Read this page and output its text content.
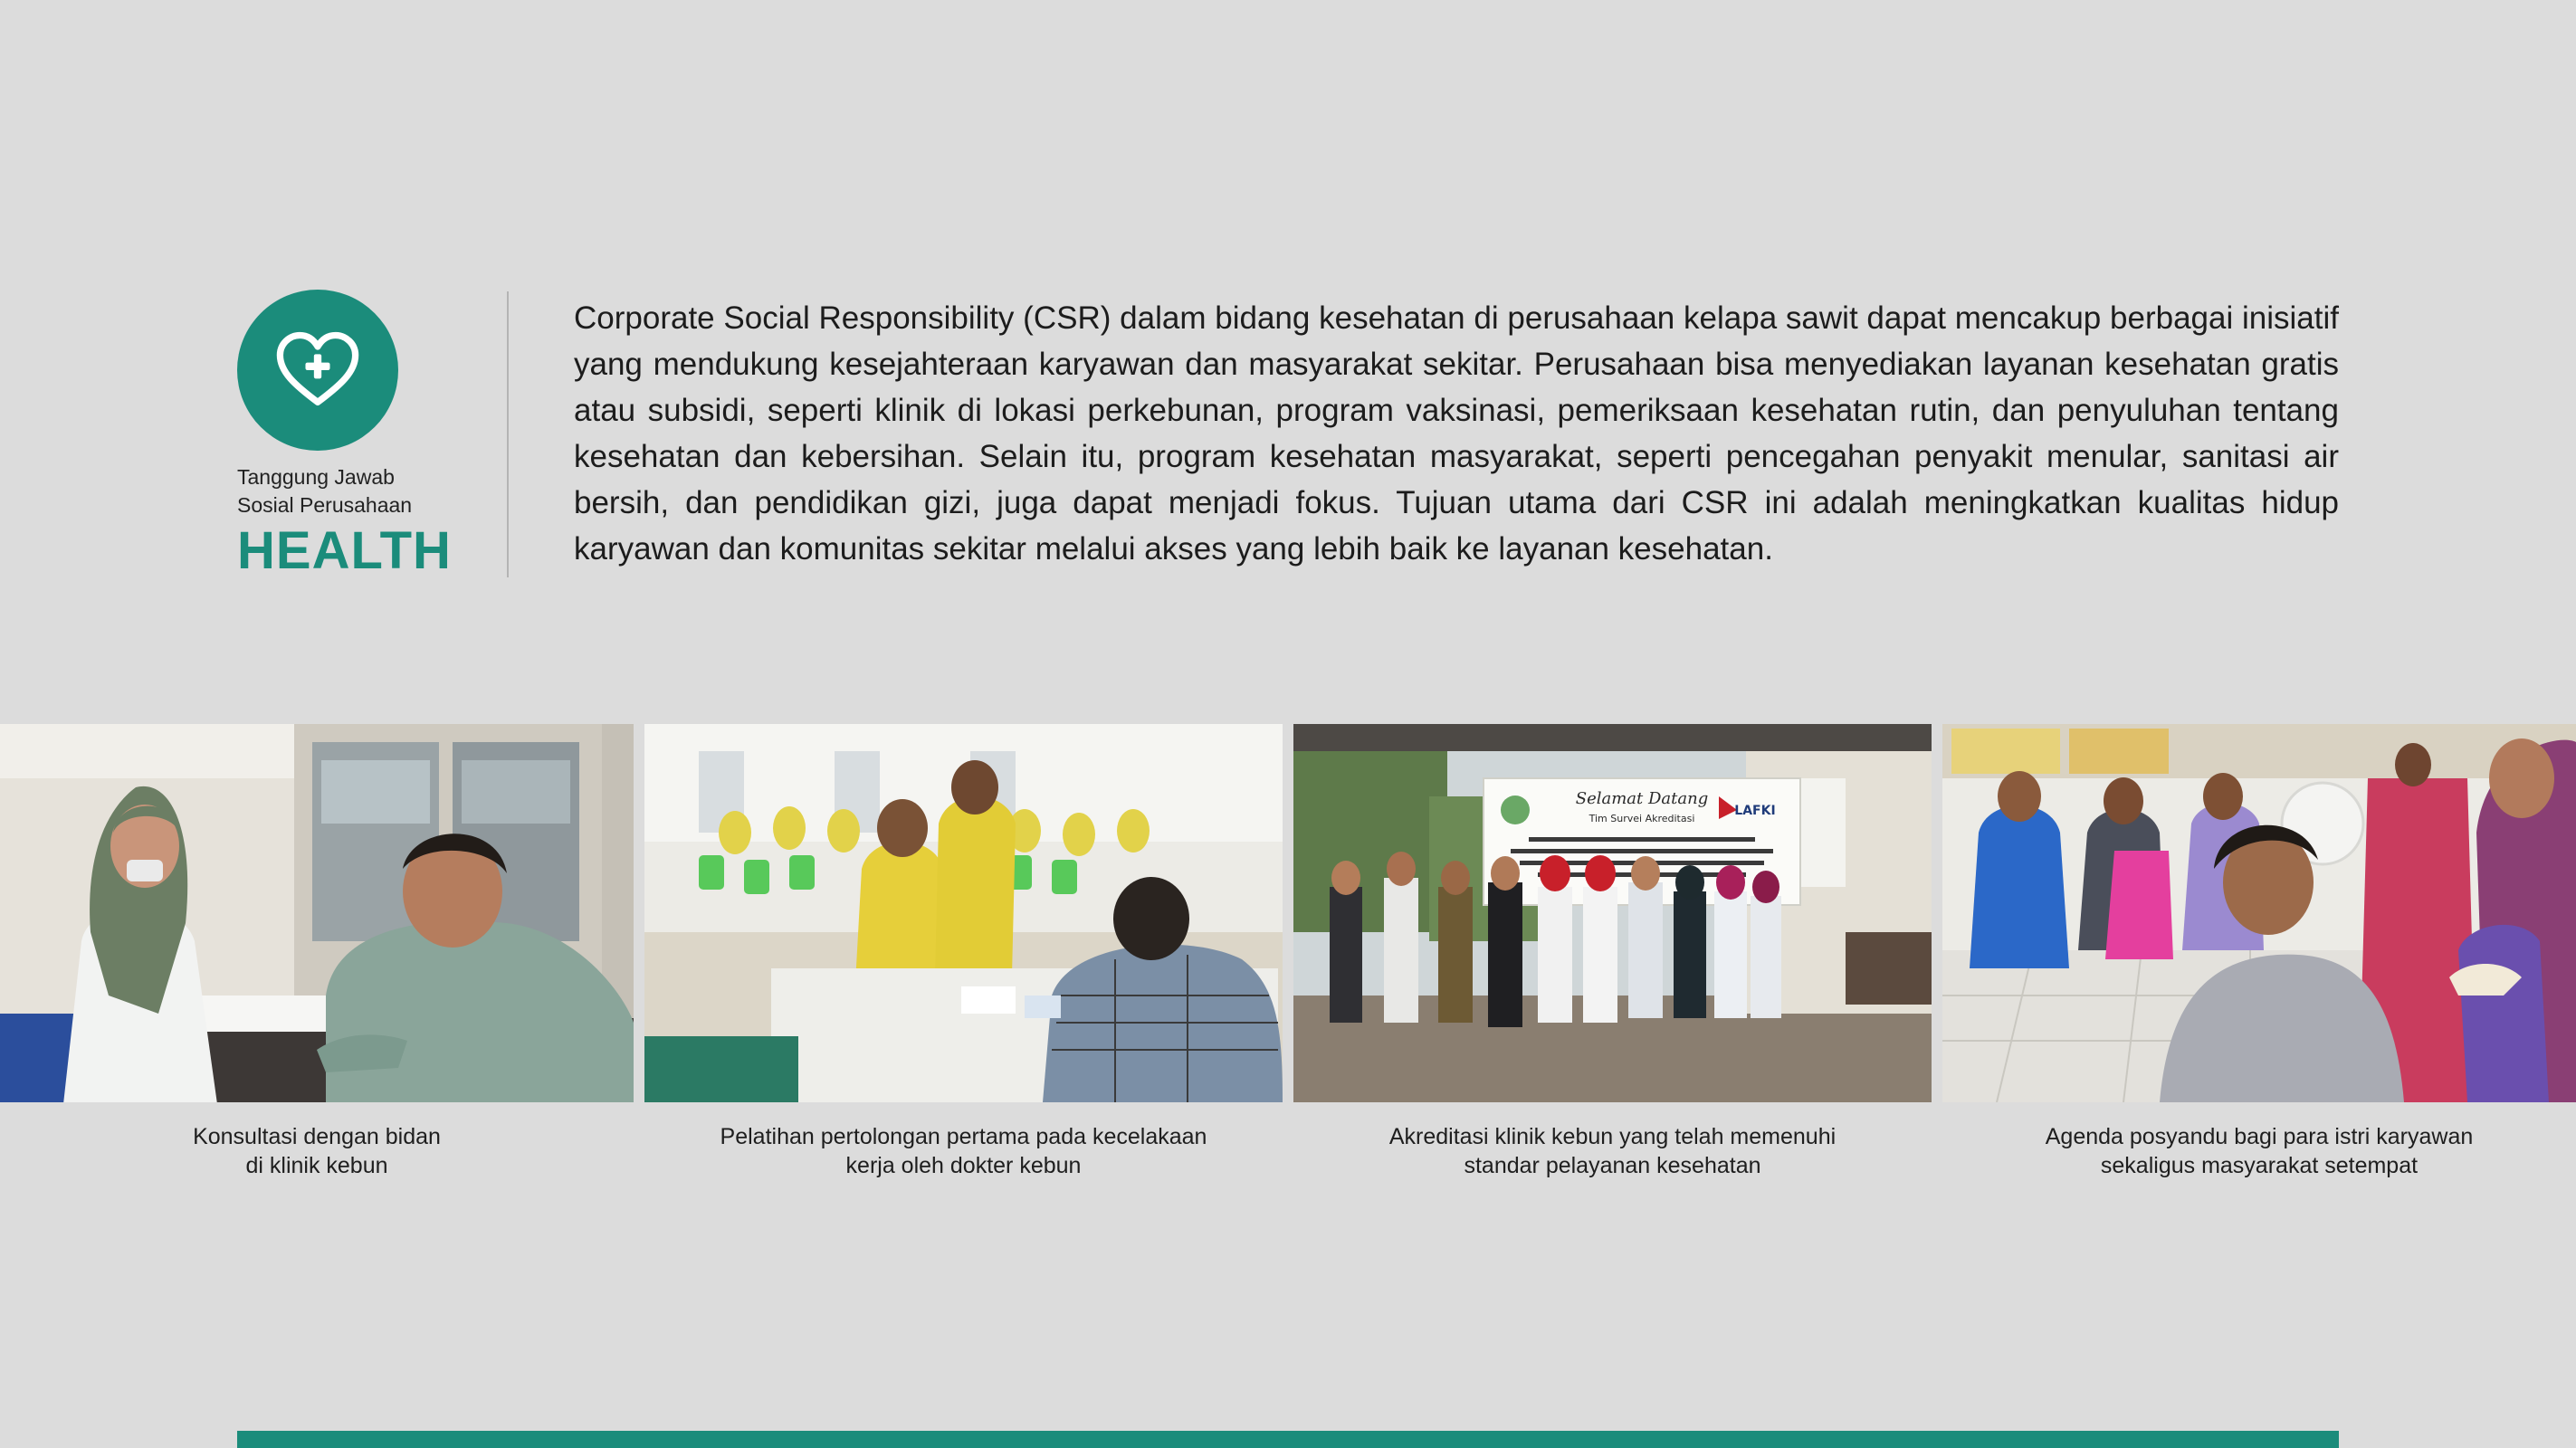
Tanggung Jawab
Sosial Perusahaan
HEALTH

Corporate Social Responsibility (CSR) dalam bidang kesehatan di perusahaan kelapa sawit dapat mencakup berbagai inisiatif yang mendukung kesejahteraan karyawan dan masyarakat sekitar. Perusahaan bisa menyediakan layanan kesehatan gratis atau subsidi, seperti klinik di lokasi perkebunan, program vaksinasi, pemeriksaan kesehatan rutin, dan penyuluhan tentang kesehatan dan kebersihan. Selain itu, program kesehatan masyarakat, seperti pencegahan penyakit menular, sanitasi air bersih, dan pendidikan gizi, juga dapat menjadi fokus. Tujuan utama dari CSR ini adalah meningkatkan kualitas hidup karyawan dan komunitas sekitar melalui akses yang lebih baik ke layanan kesehatan.

Selamat Datang
Tim Survei Akreditasi
LAFKI
Konsultasi dengan bidan
di klinik kebun
Pelatihan pertolongan pertama pada kecelakaan
kerja oleh dokter kebun
Akreditasi klinik kebun yang telah memenuhi
standar pelayanan kesehatan
Agenda posyandu bagi para istri karyawan
sekaligus masyarakat setempat
